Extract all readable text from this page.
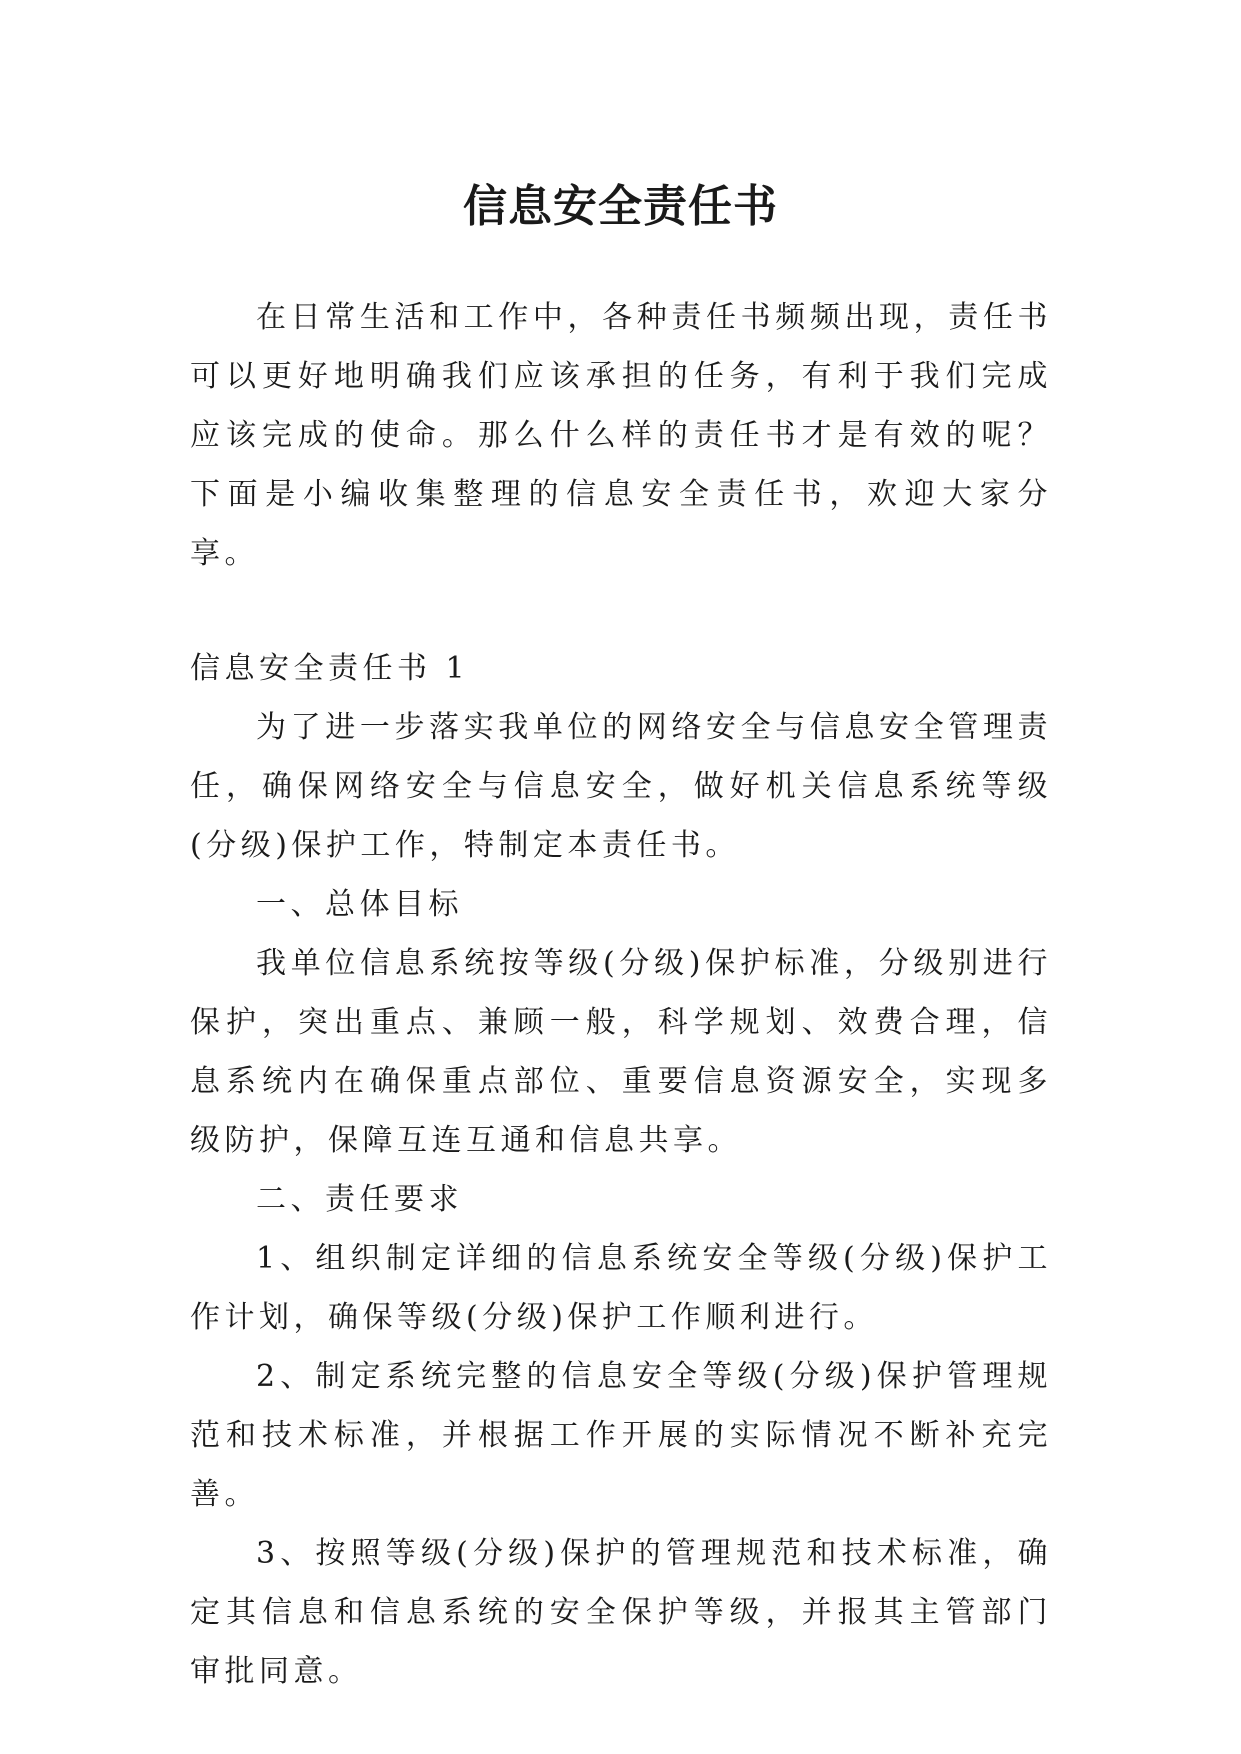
信息安全责任书

在日常生活和工作中，各种责任书频频出现，责任书可以更好地明确我们应该承担的任务，有利于我们完成应该完成的使命。那么什么样的责任书才是有效的呢？下面是小编收集整理的信息安全责任书，欢迎大家分享。

信息安全责任书 1

为了进一步落实我单位的网络安全与信息安全管理责任，确保网络安全与信息安全，做好机关信息系统等级(分级)保护工作，特制定本责任书。

一、总体目标

我单位信息系统按等级(分级)保护标准，分级别进行保护，突出重点、兼顾一般，科学规划、效费合理，信息系统内在确保重点部位、重要信息资源安全，实现多级防护，保障互连互通和信息共享。

二、责任要求

1、组织制定详细的信息系统安全等级(分级)保护工作计划，确保等级(分级)保护工作顺利进行。

2、制定系统完整的信息安全等级(分级)保护管理规范和技术标准，并根据工作开展的实际情况不断补充完善。

3、按照等级(分级)保护的管理规范和技术标准，确定其信息和信息系统的安全保护等级，并报其主管部门审批同意。
